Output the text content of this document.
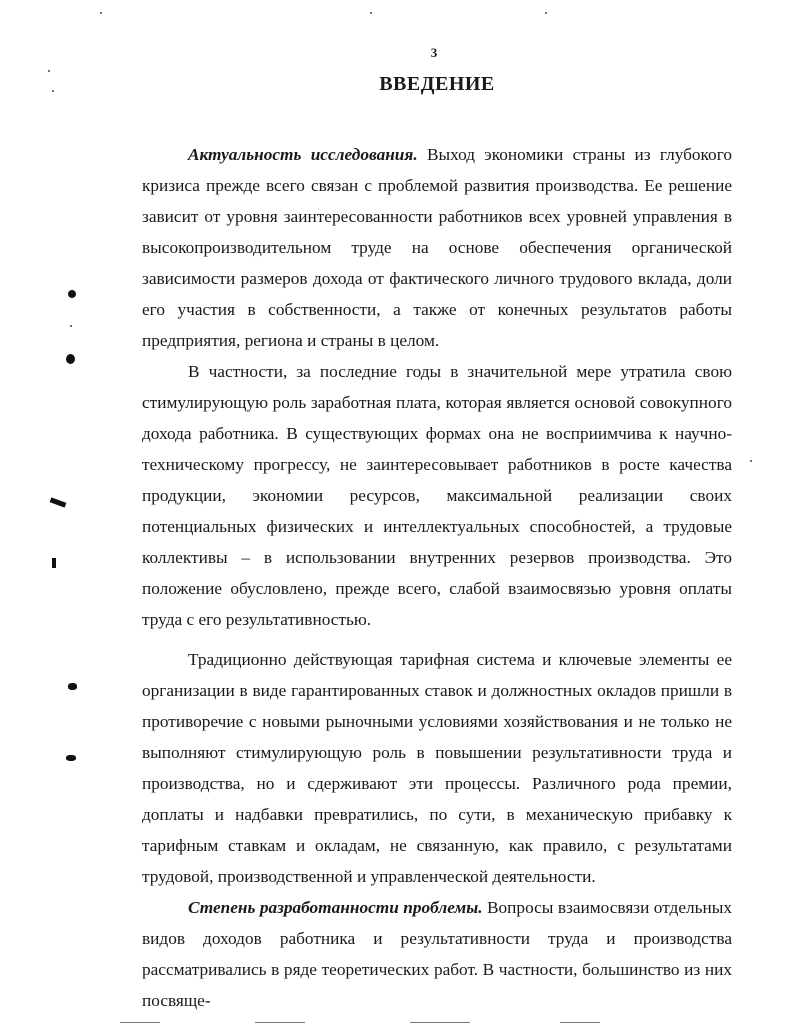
3
ВВЕДЕНИЕ

Актуальность исследования. Выход экономики страны из глубокого кризиса прежде всего связан с проблемой развития производства. Ее решение зависит от уровня заинтересованности работников всех уровней управления в высокопроизводительном труде на основе обеспечения органической зависимости размеров дохода от фактического личного трудового вклада, доли его участия в собственности, а также от конечных результатов работы предприятия, региона и страны в целом.

В частности, за последние годы в значительной мере утратила свою стимулирующую роль заработная плата, которая является основой совокупного дохода работника. В существующих формах она не восприимчива к научно-техническому прогрессу, не заинтересовывает работников в росте качества продукции, экономии ресурсов, максимальной реализации своих потенциальных физических и интеллектуальных способностей, а трудовые коллективы – в использовании внутренних резервов производства. Это положение обусловлено, прежде всего, слабой взаимосвязью уровня оплаты труда с его результативностью.

Традиционно действующая тарифная система и ключевые элементы ее организации в виде гарантированных ставок и должностных окладов пришли в противоречие с новыми рыночными условиями хозяйствования и не только не выполняют стимулирующую роль в повышении результативности труда и производства, но и сдерживают эти процессы. Различного рода премии, доплаты и надбавки превратились, по сути, в механическую прибавку к тарифным ставкам и окладам, не связанную, как правило, с результатами трудовой, производственной и управленческой деятельности.

Степень разработанности проблемы. Вопросы взаимосвязи отдельных видов доходов работника и результативности труда и производства рассматривались в ряде теоретических работ. В частности, большинство из них посвяще-
